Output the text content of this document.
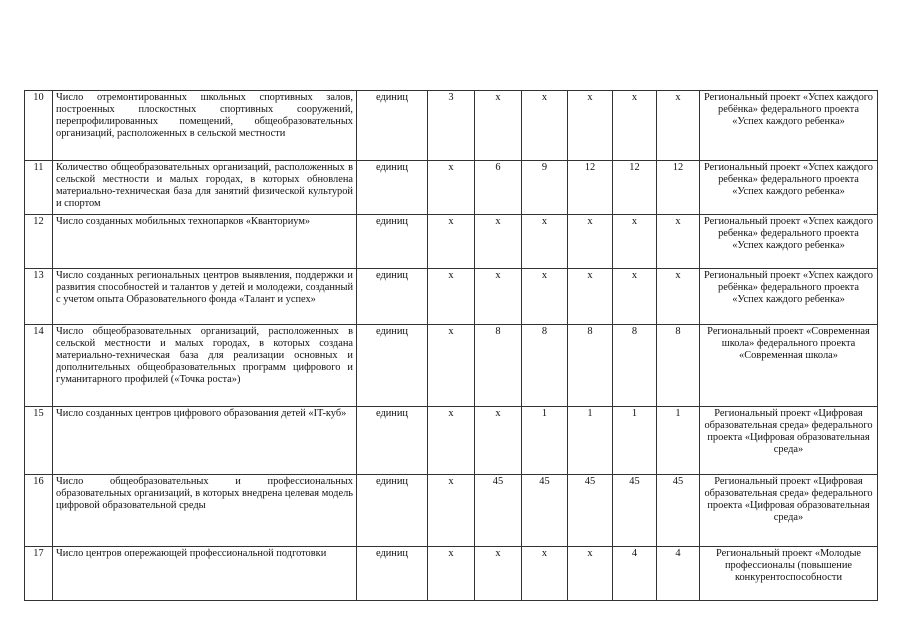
10	Число отремонтированных школьных спортивных залов, построенных плоскостных спортивных сооружений, перепрофилированных помещений, общеобразовательных организаций, расположенных в сельской местности	единиц	3	x	x	x	x	x	Региональный проект «Успех каждого ребёнка» федерального проекта «Успех каждого ребенка»
11	Количество общеобразовательных организаций, расположенных в сельской местности и малых городах, в которых обновлена материально-техническая база для занятий физической культурой и спортом	единиц	x	6	9	12	12	12	Региональный проект «Успех каждого ребенка» федерального проекта «Успех каждого ребенка»
12	Число созданных мобильных технопарков «Кванториум»	единиц	x	x	x	x	x	x	Региональный проект «Успех каждого ребенка» федерального проекта «Успех каждого ребенка»
13	Число созданных региональных центров выявления, поддержки и развития способностей и талантов у детей и молодежи, созданный с учетом опыта Образовательного фонда «Талант и успех»	единиц	x	x	x	x	x	x	Региональный проект «Успех каждого ребёнка» федерального проекта «Успех каждого ребенка»
14	Число общеобразовательных организаций, расположенных в сельской местности и малых городах, в которых создана материально-техническая база для реализации основных и дополнительных общеобразовательных программ цифрового и гуманитарного профилей («Точка роста»)	единиц	x	8	8	8	8	8	Региональный проект «Современная школа» федерального проекта «Современная школа»
15	Число созданных центров цифрового образования детей «IT-куб»	единиц	x	x	1	1	1	1	Региональный проект «Цифровая образовательная среда» федерального проекта «Цифровая образовательная среда»
16	Число общеобразовательных и профессиональных образовательных организаций, в которых внедрена целевая модель цифровой образовательной среды	единиц	x	45	45	45	45	45	Региональный проект «Цифровая образовательная среда» федерального проекта «Цифровая образовательная среда»
17	Число центров опережающей профессиональной подготовки	единиц	x	x	x	x	4	4	Региональный проект «Молодые профессионалы (повышение конкурентоспособности
